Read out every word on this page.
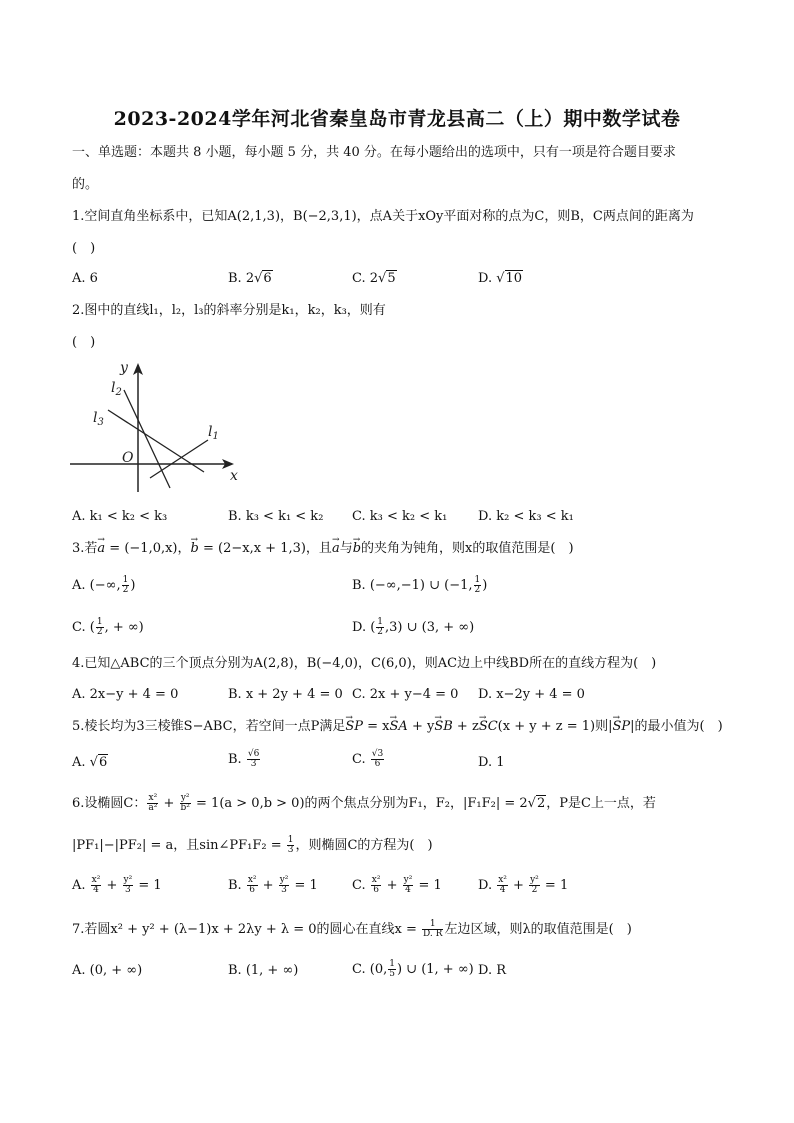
2023-2024学年河北省秦皇岛市青龙县高二（上）期中数学试卷
一、单选题：本题共 8 小题，每小题 5 分，共 40 分。在每小题给出的选项中，只有一项是符合题目要求
的。
1.空间直角坐标系中，已知A(2,1,3)，B(−2,3,1)，点A关于xOy平面对称的点为C，则B，C两点间的距离为
(　)
A. 6	B. 2√6	C. 2√5	D. √10
2.图中的直线l₁，l₂，l₃的斜率分别是k₁，k₂，k₃，则有
(　)
y
x
O
$l_2$
$l_3$
$l_1$
A. k₁ < k₂ < k₃	B. k₃ < k₁ < k₂ C. k₃ < k₂ < k₁ D. k₂ < k₃ < k₁
3.若→ a = (−1,0,x)，→ b = (2−x,x + 1,3)，且→ a与→ b的夹角为钝角，则x的取值范围是(　)
A. (−∞, $\frac{1}{2}$ )	B. (−∞,−1) ∪ (−1, $\frac{1}{2}$ )
C. ( $\frac{1}{2}$ , + ∞)	D. ( $\frac{1}{2} ,3$) ∪ (3, + ∞)
4.已知△ABC的三个顶点分别为A(2,8)，B(−4,0)，C(6,0)，则AC边上中线BD所在的直线方程为(　)
A. 2x−y + 4 = 0	B. x + 2y + 4 = 0 C. 2x + y−4 = 0 D. x−2y + 4 = 0
5.棱长均为3三棱锥S−ABC，若空间一点P满足→ SP = x→ SA + y→ SB + z→ SC(x + y + z = 1)则|→ SP|的最小值为(　)
A. √6	B. $\frac{√6}{3}$	C. $\frac{√3}{6}$	D. 1
6.设椭圆C： $\frac{\text{x²}}{\text{a²}} + \frac{\text{y²}}{\text{b²}} = 1(a > 0,b > 0)$的两个焦点分别为F₁，F₂，|F₁F₂| = 2√2，P是C上一点，若
|PF₁|−|PF₂| = a，且sin∠PF₁F₂ = $\frac{1}{3}$ ，则椭圆C的方程为(　)
A. $\frac{\text{x²}}{4} + \frac{\text{y²}}{3} = 1$	B. $\frac{\text{x²}}{6} + \frac{\text{y²}}{3} = 1$	C. $\frac{\text{x²}}{6} + \frac{\text{y²}}{4} = 1$	D. $\frac{\text{x²}}{4} + \frac{\text{y²}}{2} = 1$
7.若圆x² + y² + (λ−1)x + 2λy + λ = 0的圆心在直线$x = \frac{1}{D. R}$ 左边区域，则λ的取值范围是(　)
A. (0, + ∞)	B. (1, + ∞)	C. (0, $\frac{1}{5}$ ) ∪ (1, + ∞) D. R
